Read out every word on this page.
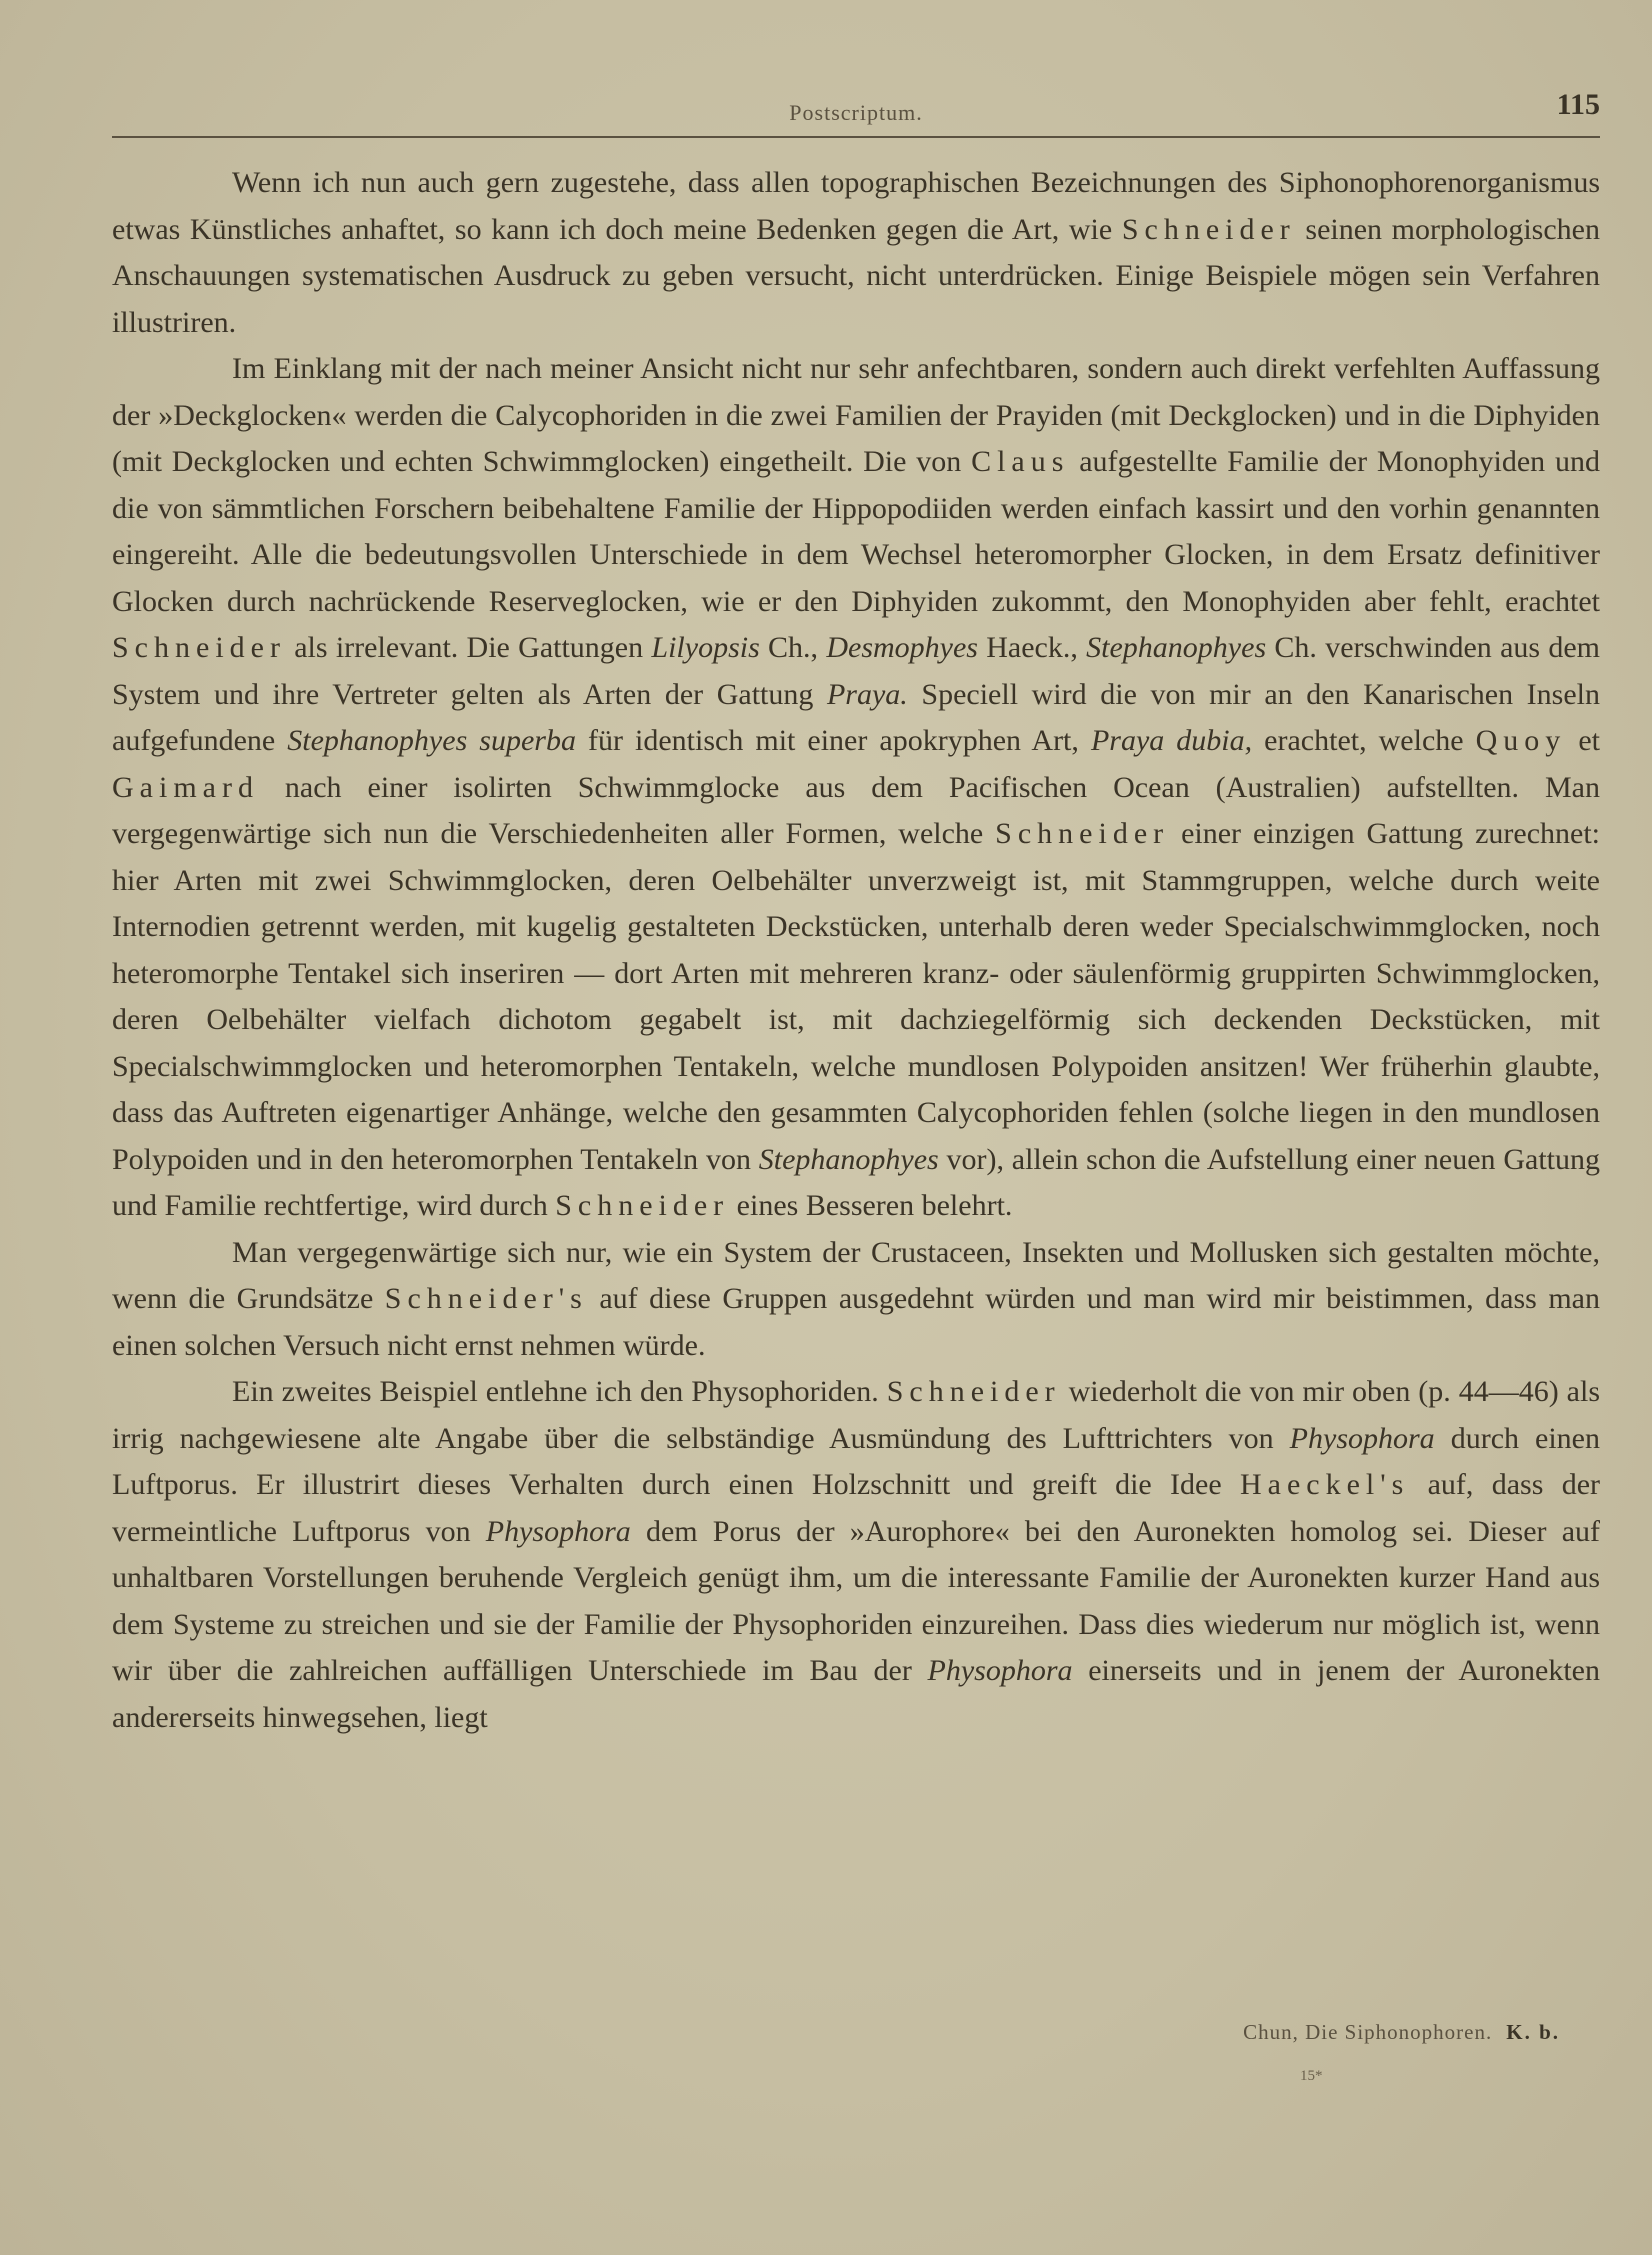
Postscriptum.	115

Wenn ich nun auch gern zugestehe, dass allen topographischen Bezeichnungen des Siphonophorenorganismus etwas Künstliches anhaftet, so kann ich doch meine Bedenken gegen die Art, wie Schneider seinen morphologischen Anschauungen systematischen Ausdruck zu geben versucht, nicht unterdrücken. Einige Beispiele mögen sein Verfahren illustriren.

Im Einklang mit der nach meiner Ansicht nicht nur sehr anfechtbaren, sondern auch direkt verfehlten Auffassung der »Deckglocken« werden die Calycophoriden in die zwei Familien der Prayiden (mit Deckglocken) und in die Diphyiden (mit Deckglocken und echten Schwimmglocken) eingetheilt. Die von Claus aufgestellte Familie der Monophyiden und die von sämmtlichen Forschern beibehaltene Familie der Hippopodiiden werden einfach kassirt und den vorhin genannten eingereiht. Alle die bedeutungsvollen Unterschiede in dem Wechsel heteromorpher Glocken, in dem Ersatz definitiver Glocken durch nachrückende Reserveglocken, wie er den Diphyiden zukommt, den Monophyiden aber fehlt, erachtet Schneider als irrelevant. Die Gattungen Lilyopsis Ch., Desmophyes Haeck., Stephanophyes Ch. verschwinden aus dem System und ihre Vertreter gelten als Arten der Gattung Praya. Speciell wird die von mir an den Kanarischen Inseln aufgefundene Stephanophyes superba für identisch mit einer apokryphen Art, Praya dubia, erachtet, welche Quoy et Gaimard nach einer isolirten Schwimmglocke aus dem Pacifischen Ocean (Australien) aufstellten. Man vergegenwärtige sich nun die Verschiedenheiten aller Formen, welche Schneider einer einzigen Gattung zurechnet: hier Arten mit zwei Schwimmglocken, deren Oelbehälter unverzweigt ist, mit Stammgruppen, welche durch weite Internodien getrennt werden, mit kugelig gestalteten Deckstücken, unterhalb deren weder Specialschwimmglocken, noch heteromorphe Tentakel sich inseriren — dort Arten mit mehreren kranz- oder säulenförmig gruppirten Schwimmglocken, deren Oelbehälter vielfach dichotom gegabelt ist, mit dachziegelförmig sich deckenden Deckstücken, mit Specialschwimmglocken und heteromorphen Tentakeln, welche mundlosen Polypoiden ansitzen! Wer früherhin glaubte, dass das Auftreten eigenartiger Anhänge, welche den gesammten Calycophoriden fehlen (solche liegen in den mundlosen Polypoiden und in den heteromorphen Tentakeln von Stephanophyes vor), allein schon die Aufstellung einer neuen Gattung und Familie rechtfertige, wird durch Schneider eines Besseren belehrt.

Man vergegenwärtige sich nur, wie ein System der Crustaceen, Insekten und Mollusken sich gestalten möchte, wenn die Grundsätze Schneider's auf diese Gruppen ausgedehnt würden und man wird mir beistimmen, dass man einen solchen Versuch nicht ernst nehmen würde.

Ein zweites Beispiel entlehne ich den Physophoriden. Schneider wiederholt die von mir oben (p. 44—46) als irrig nachgewiesene alte Angabe über die selbständige Ausmündung des Lufttrichters von Physophora durch einen Luftporus. Er illustrirt dieses Verhalten durch einen Holzschnitt und greift die Idee Haeckel's auf, dass der vermeintliche Luftporus von Physophora dem Porus der »Aurophore« bei den Auronekten homolog sei. Dieser auf unhaltbaren Vorstellungen beruhende Vergleich genügt ihm, um die interessante Familie der Auronekten kurzer Hand aus dem Systeme zu streichen und sie der Familie der Physophoriden einzureihen. Dass dies wiederum nur möglich ist, wenn wir über die zahlreichen auffälligen Unterschiede im Bau der Physophora einerseits und in jenem der Auronekten andererseits hinwegsehen, liegt

Chun, Die Siphonophoren. K. b.
15*
